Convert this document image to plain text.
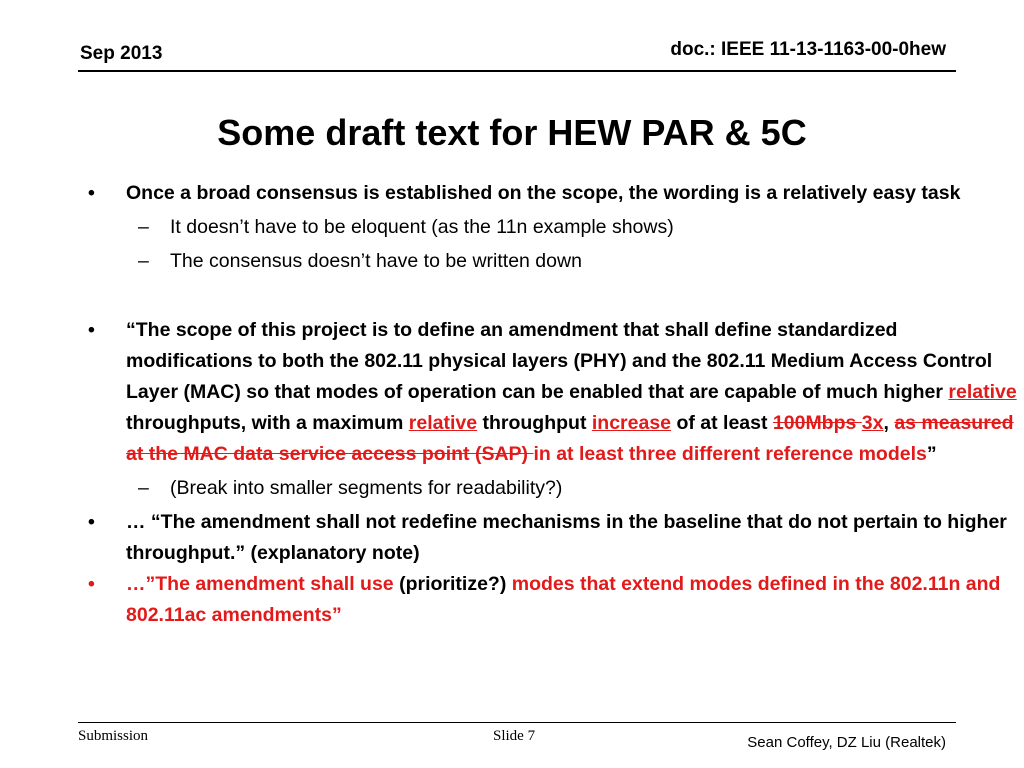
Sep 2013	doc.: IEEE 11-13-1163-00-0hew
Some draft text for HEW PAR & 5C
• Once a broad consensus is established on the scope, the wording is a relatively easy task
– It doesn’t have to be eloquent (as the 11n example shows)
– The consensus doesn’t have to be written down
• “The scope of this project is to define an amendment that shall define standardized modifications to both the 802.11 physical layers (PHY) and the 802.11 Medium Access Control Layer (MAC) so that modes of operation can be enabled that are capable of much higher relative throughputs, with a maximum relative throughput increase of at least 100Mbps 3x, as measured at the MAC data service access point (SAP) in at least three different reference models”
– (Break into smaller segments for readability?)
• … “The amendment shall not redefine mechanisms in the baseline that do not pertain to higher throughput.” (explanatory note)
• …”The amendment shall use (prioritize?) modes that extend modes defined in the 802.11n and 802.11ac amendments”
Submission	Slide 7	Sean Coffey, DZ Liu (Realtek)
